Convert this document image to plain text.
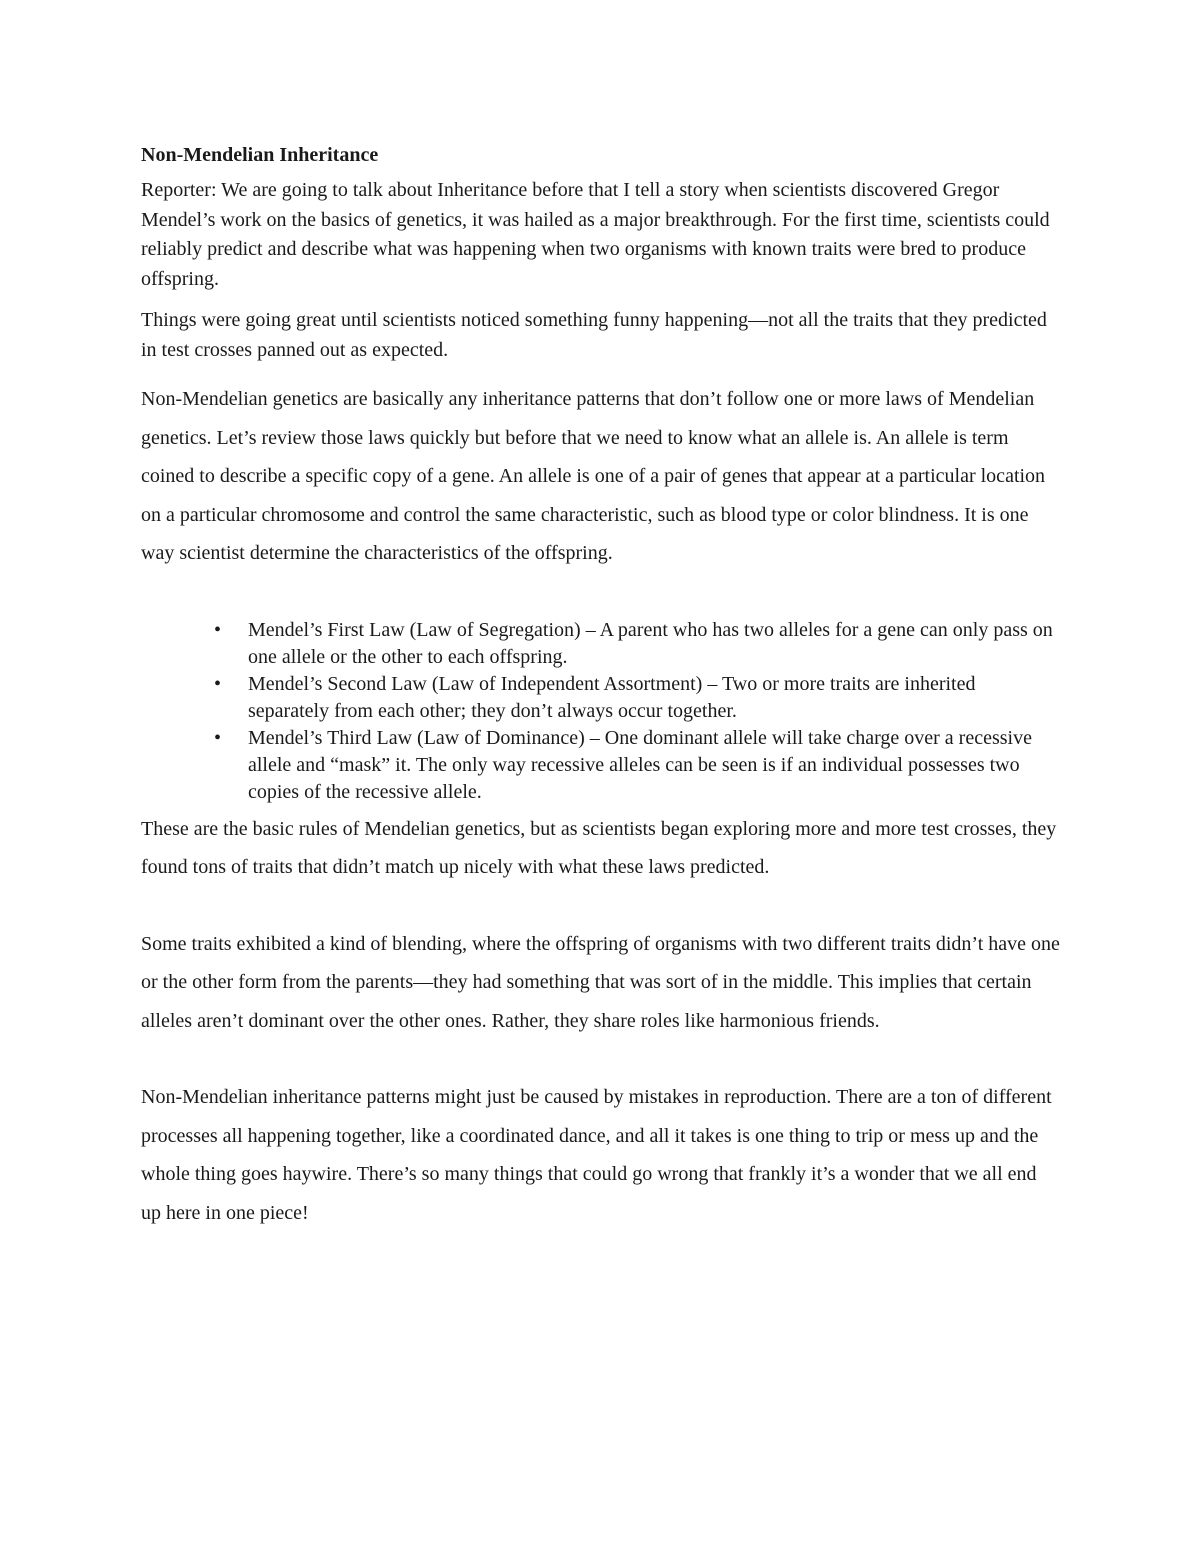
Non-Mendelian Inheritance

Reporter: We are going to talk about Inheritance before that I tell a story when scientists discovered Gregor Mendel’s work on the basics of genetics, it was hailed as a major breakthrough. For the first time, scientists could reliably predict and describe what was happening when two organisms with known traits were bred to produce offspring.

Things were going great until scientists noticed something funny happening—not all the traits that they predicted in test crosses panned out as expected.

Non-Mendelian genetics are basically any inheritance patterns that don’t follow one or more laws of Mendelian genetics. Let’s review those laws quickly but before that we need to know what an allele is. An allele is term coined to describe a specific copy of a gene. An allele is one of a pair of genes that appear at a particular location on a particular chromosome and control the same characteristic, such as blood type or color blindness. It is one way scientist determine the characteristics of the offspring.

• Mendel’s First Law (Law of Segregation) – A parent who has two alleles for a gene can only pass on one allele or the other to each offspring.
• Mendel’s Second Law (Law of Independent Assortment) – Two or more traits are inherited separately from each other; they don’t always occur together.
• Mendel’s Third Law (Law of Dominance) – One dominant allele will take charge over a recessive allele and “mask” it. The only way recessive alleles can be seen is if an individual possesses two copies of the recessive allele.

These are the basic rules of Mendelian genetics, but as scientists began exploring more and more test crosses, they found tons of traits that didn’t match up nicely with what these laws predicted.

Some traits exhibited a kind of blending, where the offspring of organisms with two different traits didn’t have one or the other form from the parents—they had something that was sort of in the middle. This implies that certain alleles aren’t dominant over the other ones. Rather, they share roles like harmonious friends.

Non-Mendelian inheritance patterns might just be caused by mistakes in reproduction. There are a ton of different processes all happening together, like a coordinated dance, and all it takes is one thing to trip or mess up and the whole thing goes haywire. There’s so many things that could go wrong that frankly it’s a wonder that we all end up here in one piece!
